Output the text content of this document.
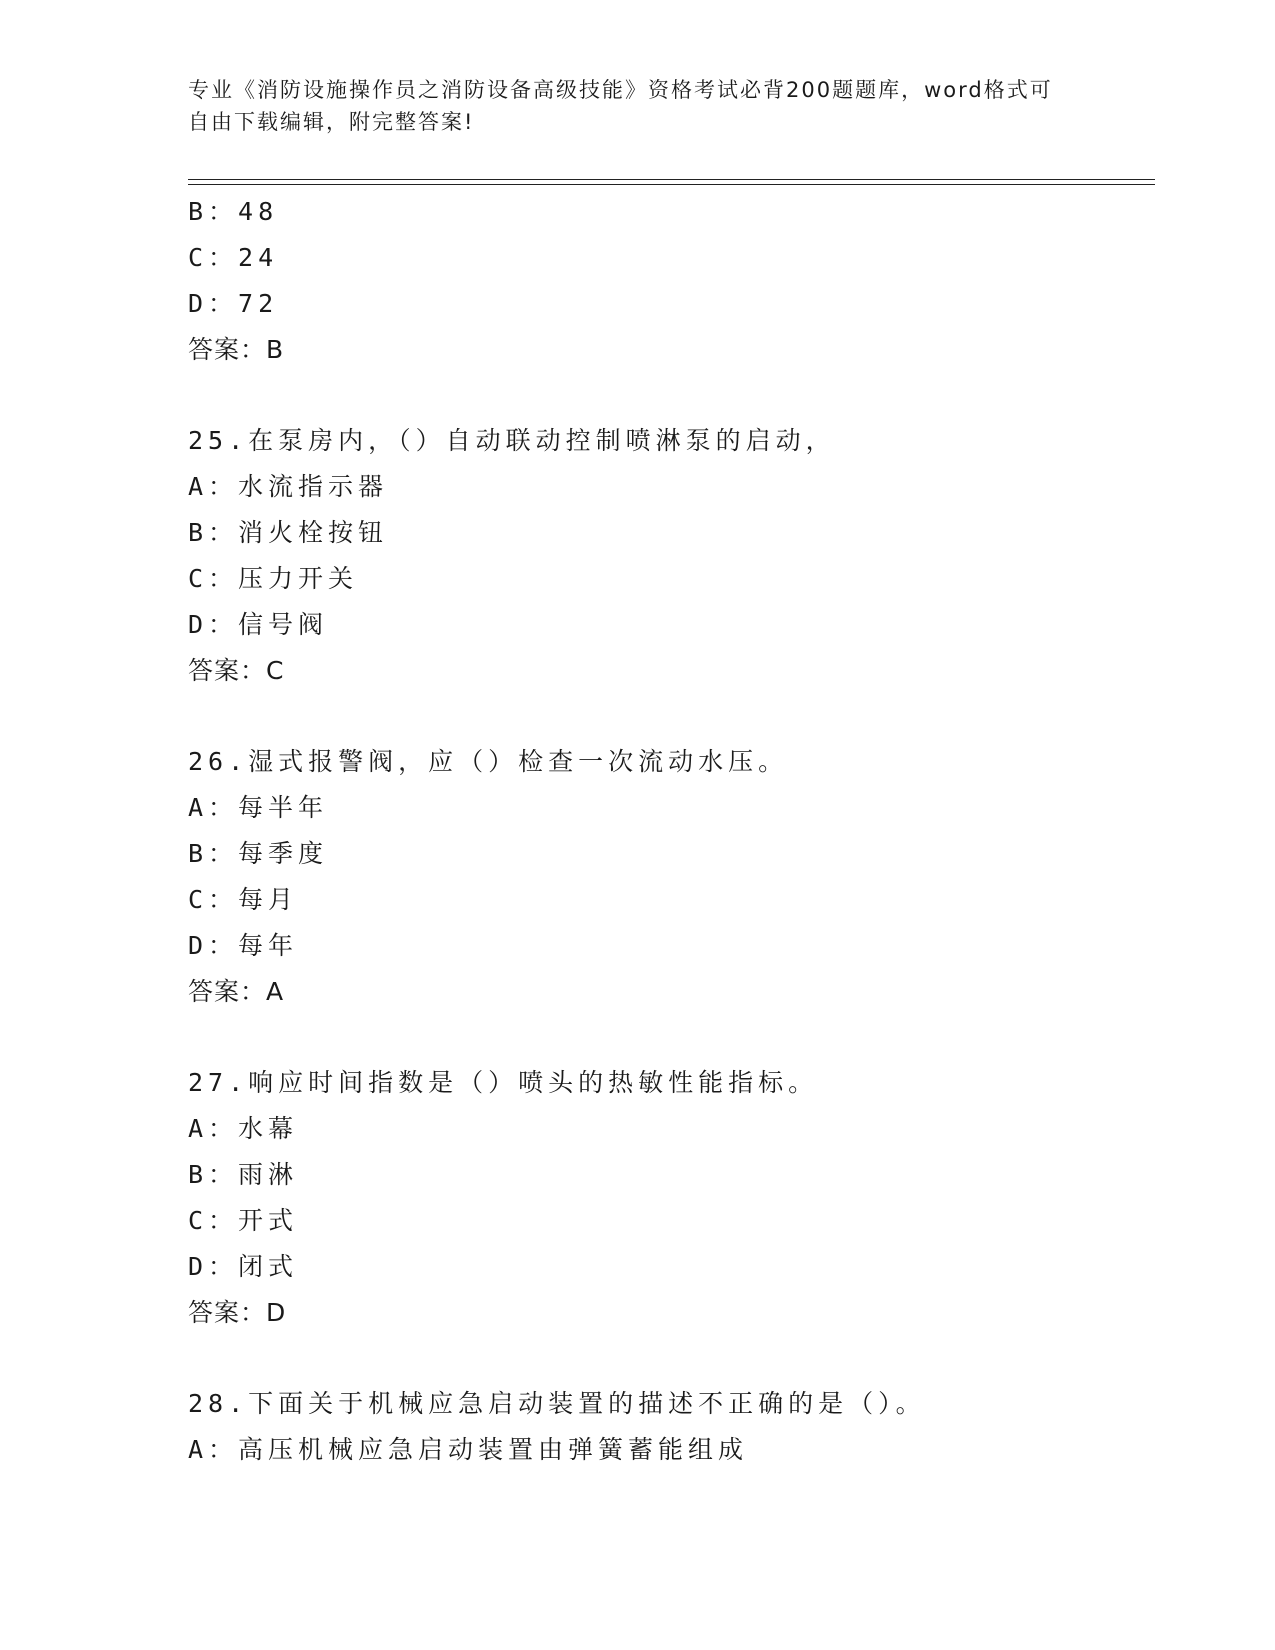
专业《消防设施操作员之消防设备高级技能》资格考试必背200题题库，word格式可自由下载编辑，附完整答案!
B：48
C：24
D：72
答案：B
25.在泵房内，（）自动联动控制喷淋泵的启动，
A：水流指示器
B：消火栓按钮
C：压力开关
D：信号阀
答案：C
26.湿式报警阀，应（）检查一次流动水压。
A：每半年
B：每季度
C：每月
D：每年
答案：A
27.响应时间指数是（）喷头的热敏性能指标。
A：水幕
B：雨淋
C：开式
D：闭式
答案：D
28.下面关于机械应急启动装置的描述不正确的是（）。
A：高压机械应急启动装置由弹簧蓄能组成
